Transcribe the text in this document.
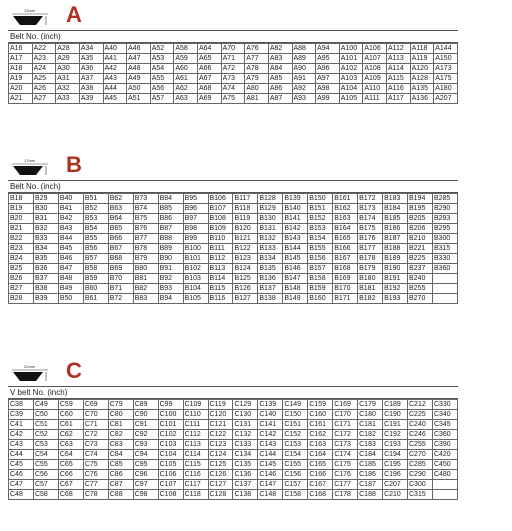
13mm A
Belt No. (inch)
A16	A22	A28	A34	A40	A46	A52	A58	A64	A70	A76	A82	A88	A94	A100	A106	A112	A118	A144
A17	A23	A29	A35	A41	A47	A53	A59	A65	A71	A77	A83	A89	A95	A101	A107	A113	A119	A150
A18	A24	A30	A36	A42	A48	A54	A60	A66	A72	A78	A84	A90	A96	A102	A108	A114	A120	A173
A19	A25	A31	A37	A43	A49	A55	A61	A67	A73	A79	A85	A91	A97	A103	A109	A115	A128	A175
A20	A26	A32	A38	A44	A50	A56	A62	A68	A74	A80	A86	A92	A98	A104	A110	A116	A135	A180
A21	A27	A33	A39	A45	A51	A57	A63	A69	A75	A81	A87	A93	A99	A105	A111	A117	A136	A207
17mm B
Belt No. (inch)
B18	B29	B40	B51	B62	B73	B84	B95	B106	B117	B128	B139	B150	B161	B172	B183	B194	B285
B19	B30	B41	B52	B63	B74	B85	B96	B107	B118	B129	B140	B151	B162	B173	B184	B195	B290
B20	B31	B42	B53	B64	B75	B86	B97	B108	B119	B130	B141	B152	B163	B174	B185	B205	B293
B21	B32	B43	B54	B65	B76	B87	B98	B109	B120	B131	B142	B153	B164	B175	B186	B206	B295
B22	B33	B44	B55	B66	B77	B88	B99	B110	B121	B132	B143	B154	B165	B176	B187	B210	B300
B23	B34	B45	B56	B67	B78	B89	B100	B111	B122	B133	B144	B155	B166	B177	B188	B221	B315
B24	B35	B46	B57	B68	B79	B90	B101	B112	B123	B134	B145	B156	B167	B178	B189	B225	B330
B25	B36	B47	B58	B69	B80	B91	B102	B113	B124	B135	B146	B157	B168	B179	B190	B237	B360
B26	B37	B48	B59	B70	B81	B92	B103	B114	B125	B136	B147	B158	B169	B180	B191	B240	
B27	B38	B49	B60	B71	B82	B93	B104	B115	B126	B137	B148	B159	B170	B181	B192	B255	
B28	B39	B50	B61	B72	B83	B94	B105	B116	B127	B138	B149	B160	B171	B182	B193	B270	
22mm C
V belt No. (inch)
C38	C49	C59	C69	C79	C89	C99	C109	C119	C129	C139	C149	C159	C169	C179	C189	C212	C330
C39	C50	C60	C70	C80	C90	C100	C110	C120	C130	C140	C150	C160	C170	C180	C190	C225	C340
C41	C51	C61	C71	C81	C91	C101	C111	C121	C131	C141	C151	C161	C171	C181	C191	C240	C345
C42	C52	C62	C72	C82	C92	C102	C112	C122	C132	C142	C152	C162	C172	C182	C192	C246	C360
C43	C53	C63	C73	C83	C93	C103	C113	C123	C133	C143	C153	C163	C173	C183	C193	C255	C390
C44	C54	C64	C74	C84	C94	C104	C114	C124	C134	C144	C154	C164	C174	C184	C194	C270	C420
C45	C55	C65	C75	C85	C95	C105	C115	C125	C135	C145	C155	C165	C175	C185	C195	C285	C450
C46	C56	C66	C76	C86	C96	C106	C116	C126	C136	C146	C156	C166	C176	C186	C196	C290	C480
C47	C57	C67	C77	C87	C97	C107	C117	C127	C137	C147	C157	C167	C177	C187	C207	C300	
C48	C58	C68	C78	C88	C98	C108	C118	C128	C138	C148	C158	C168	C178	C188	C210	C315	
